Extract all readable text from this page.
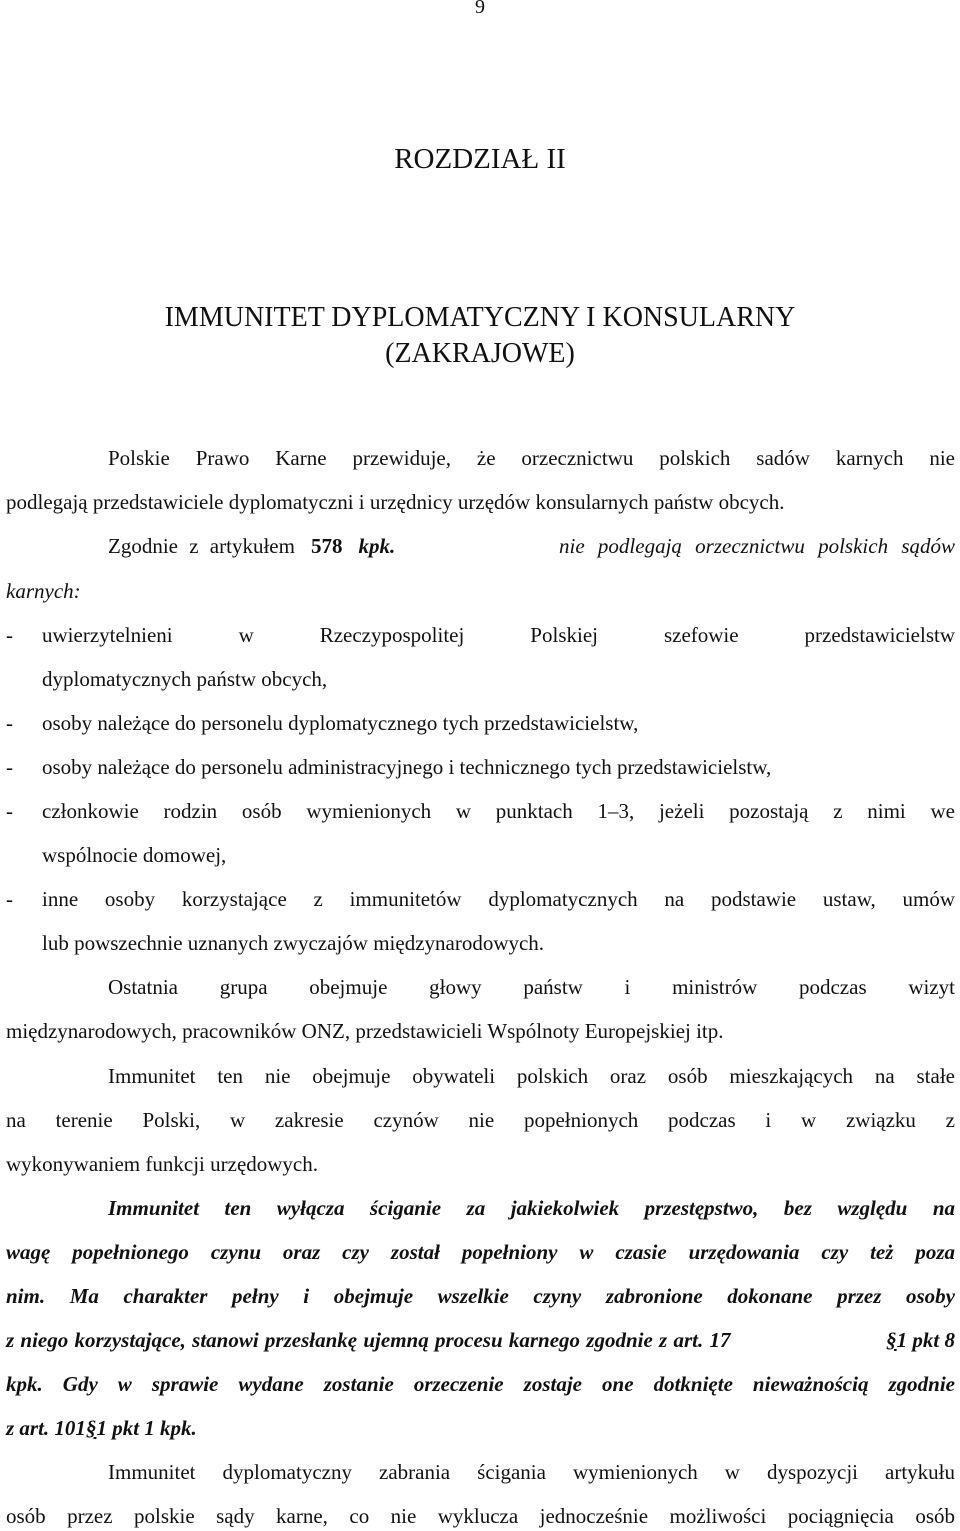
9
ROZDZIAŁ II
IMMUNITET DYPLOMATYCZNY I KONSULARNY
(ZAKRAJOWE)
Polskie Prawo Karne przewiduje, że orzecznictwu polskich sadów karnych nie
podlegają przedstawiciele dyplomatyczni i urzędnicy urzędów konsularnych państw obcych.
Zgodnie z artykułem 578 kpk.	nie podlegają orzecznictwu polskich sądów
karnych:
- uwierzytelnieni w Rzeczypospolitej Polskiej szefowie przedstawicielstw
dyplomatycznych państw obcych,
- osoby należące do personelu dyplomatycznego tych przedstawicielstw,
- osoby należące do personelu administracyjnego i technicznego tych przedstawicielstw,
- członkowie rodzin osób wymienionych w punktach 1–3, jeżeli pozostają z nimi we
wspólnocie domowej,
- inne osoby korzystające z immunitetów dyplomatycznych na podstawie ustaw, umów
lub powszechnie uznanych zwyczajów międzynarodowych.
Ostatnia grupa obejmuje głowy państw i ministrów podczas wizyt
międzynarodowych, pracowników ONZ, przedstawicieli Wspólnoty Europejskiej itp.
Immunitet ten nie obejmuje obywateli polskich oraz osób mieszkających na stałe
na terenie Polski, w zakresie czynów nie popełnionych podczas i w związku z
wykonywaniem funkcji urzędowych.
Immunitet ten wyłącza ściganie za jakiekolwiek przestępstwo, bez względu na
wagę popełnionego czynu oraz czy został popełniony w czasie urzędowania czy też poza
nim. Ma charakter pełny i obejmuje wszelkie czyny zabronione dokonane przez osoby
z niego korzystające, stanowi przesłankę ujemną procesu karnego zgodnie z art. 17	§ 1 pkt 8
kpk. Gdy w sprawie wydane zostanie orzeczenie zostaje one dotknięte nieważnością zgodnie
z art. 101§1 pkt 1 kpk.
Immunitet dyplomatyczny zabrania ścigania wymienionych w dyspozycji artykułu
osób przez polskie sądy karne, co nie wyklucza jednocześnie możliwości pociągnięcia osób
